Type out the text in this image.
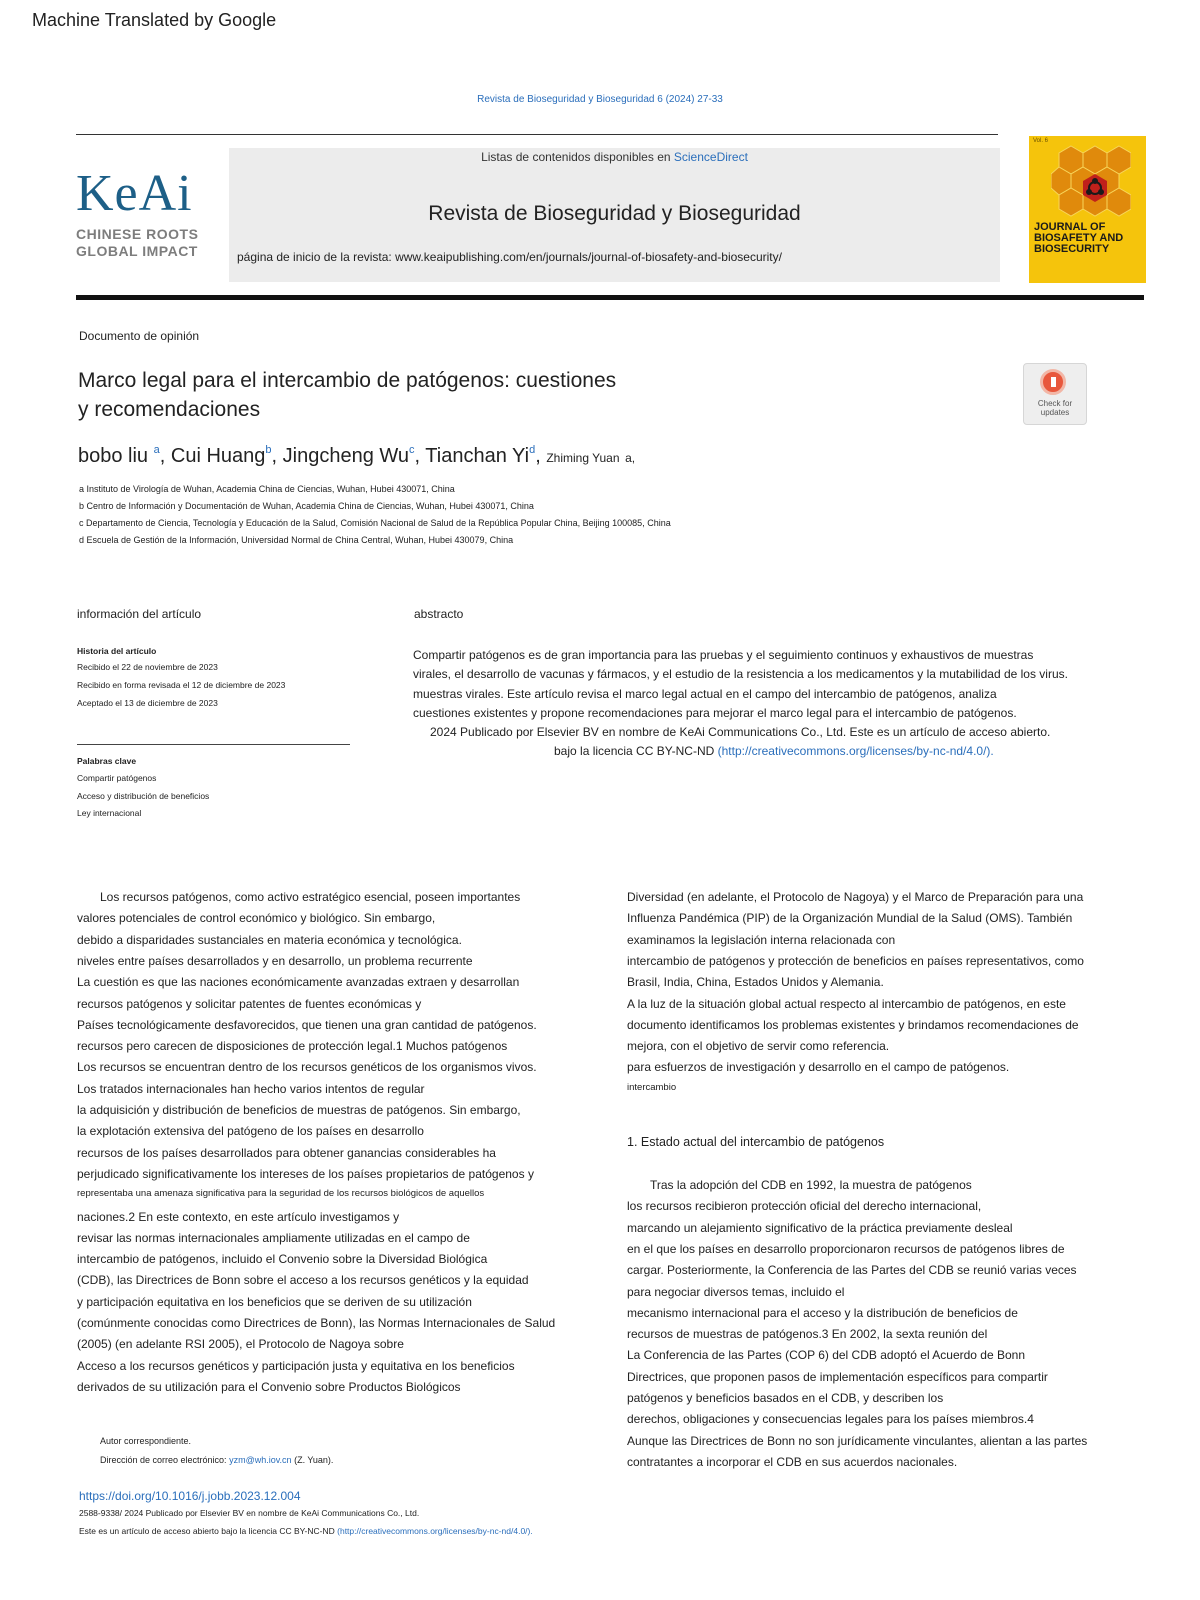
Machine Translated by Google
Revista de Bioseguridad y Bioseguridad 6 (2024) 27-33
KeAi
CHINESE ROOTS
GLOBAL IMPACT
Listas de contenidos disponibles en ScienceDirect
Revista de Bioseguridad y Bioseguridad
página de inicio de la revista: www.keaipublishing.com/en/journals/journal-of-biosafety-and-biosecurity/
Vol. 6
JOURNAL OF BIOSAFETY AND BIOSECURITY
Documento de opinión
Marco legal para el intercambio de patógenos: cuestiones
y recomendaciones	Check for updates
bobo liu $^a$, Cui Huang$^b$, Jingcheng Wu$^c$, Tianchan Yi$^d$, Zhiming Yuan a,
a Instituto de Virología de Wuhan, Academia China de Ciencias, Wuhan, Hubei 430071, China
b Centro de Información y Documentación de Wuhan, Academia China de Ciencias, Wuhan, Hubei 430071, China
c Departamento de Ciencia, Tecnología y Educación de la Salud, Comisión Nacional de Salud de la República Popular China, Beijing 100085, China
d Escuela de Gestión de la Información, Universidad Normal de China Central, Wuhan, Hubei 430079, China
información del artículo	abstracto
Historia del artículo
Recibido el 22 de noviembre de 2023
Recibido en forma revisada el 12 de diciembre de 2023
Aceptado el 13 de diciembre de 2023
Palabras clave
Compartir patógenos
Acceso y distribución de beneficios
Ley internacional
Compartir patógenos es de gran importancia para las pruebas y el seguimiento continuos y exhaustivos de muestras
virales, el desarrollo de vacunas y fármacos, y el estudio de la resistencia a los medicamentos y la mutabilidad de los virus.
muestras virales. Este artículo revisa el marco legal actual en el campo del intercambio de patógenos, analiza
cuestiones existentes y propone recomendaciones para mejorar el marco legal para el intercambio de patógenos.
2024 Publicado por Elsevier BV en nombre de KeAi Communications Co., Ltd. Este es un artículo de acceso abierto.
bajo la licencia CC BY-NC-ND (http://creativecommons.org/licenses/by-nc-nd/4.0/).
Los recursos patógenos, como activo estratégico esencial, poseen importantes
valores potenciales de control económico y biológico. Sin embargo,
debido a disparidades sustanciales en materia económica y tecnológica.
niveles entre países desarrollados y en desarrollo, un problema recurrente
La cuestión es que las naciones económicamente avanzadas extraen y desarrollan
recursos patógenos y solicitar patentes de fuentes económicas y
Países tecnológicamente desfavorecidos, que tienen una gran cantidad de patógenos.
recursos pero carecen de disposiciones de protección legal.1 Muchos patógenos
Los recursos se encuentran dentro de los recursos genéticos de los organismos vivos.
Los tratados internacionales han hecho varios intentos de regular
la adquisición y distribución de beneficios de muestras de patógenos. Sin embargo,
la explotación extensiva del patógeno de los países en desarrollo
recursos de los países desarrollados para obtener ganancias considerables ha
perjudicado significativamente los intereses de los países propietarios de patógenos y
representaba una amenaza significativa para la seguridad de los recursos biológicos de aquellos
naciones.2 En este contexto, en este artículo investigamos y
revisar las normas internacionales ampliamente utilizadas en el campo de
intercambio de patógenos, incluido el Convenio sobre la Diversidad Biológica
(CDB), las Directrices de Bonn sobre el acceso a los recursos genéticos y la equidad
y participación equitativa en los beneficios que se deriven de su utilización
(comúnmente conocidas como Directrices de Bonn), las Normas Internacionales de Salud
(2005) (en adelante RSI 2005), el Protocolo de Nagoya sobre
Acceso a los recursos genéticos y participación justa y equitativa en los beneficios
derivados de su utilización para el Convenio sobre Productos Biológicos
Diversidad (en adelante, el Protocolo de Nagoya) y el Marco de Preparación para una
Influenza Pandémica (PIP) de la Organización Mundial de la Salud (OMS). También
examinamos la legislación interna relacionada con
intercambio de patógenos y protección de beneficios en países representativos, como
Brasil, India, China, Estados Unidos y Alemania.
A la luz de la situación global actual respecto al intercambio de patógenos, en este
documento identificamos los problemas existentes y brindamos recomendaciones de
mejora, con el objetivo de servir como referencia.
para esfuerzos de investigación y desarrollo en el campo de patógenos.
intercambio
Tras la adopción del CDB en 1992, la muestra de patógenos
los recursos recibieron protección oficial del derecho internacional,
marcando un alejamiento significativo de la práctica previamente desleal
en el que los países en desarrollo proporcionaron recursos de patógenos libres de
cargar. Posteriormente, la Conferencia de las Partes del CDB se reunió varias veces
para negociar diversos temas, incluido el
mecanismo internacional para el acceso y la distribución de beneficios de
recursos de muestras de patógenos.3 En 2002, la sexta reunión del
La Conferencia de las Partes (COP 6) del CDB adoptó el Acuerdo de Bonn
Directrices, que proponen pasos de implementación específicos para compartir
patógenos y beneficios basados en el CDB, y describen los
derechos, obligaciones y consecuencias legales para los países miembros.4
Aunque las Directrices de Bonn no son jurídicamente vinculantes, alientan a las partes
contratantes a incorporar el CDB en sus acuerdos nacionales.
1. Estado actual del intercambio de patógenos
Autor correspondiente.
Dirección de correo electrónico: yzm@wh.iov.cn (Z. Yuan).
https://doi.org/10.1016/j.jobb.2023.12.004
2588-9338/ 2024 Publicado por Elsevier BV en nombre de KeAi Communications Co., Ltd.
Este es un artículo de acceso abierto bajo la licencia CC BY-NC-ND (http://creativecommons.org/licenses/by-nc-nd/4.0/).
